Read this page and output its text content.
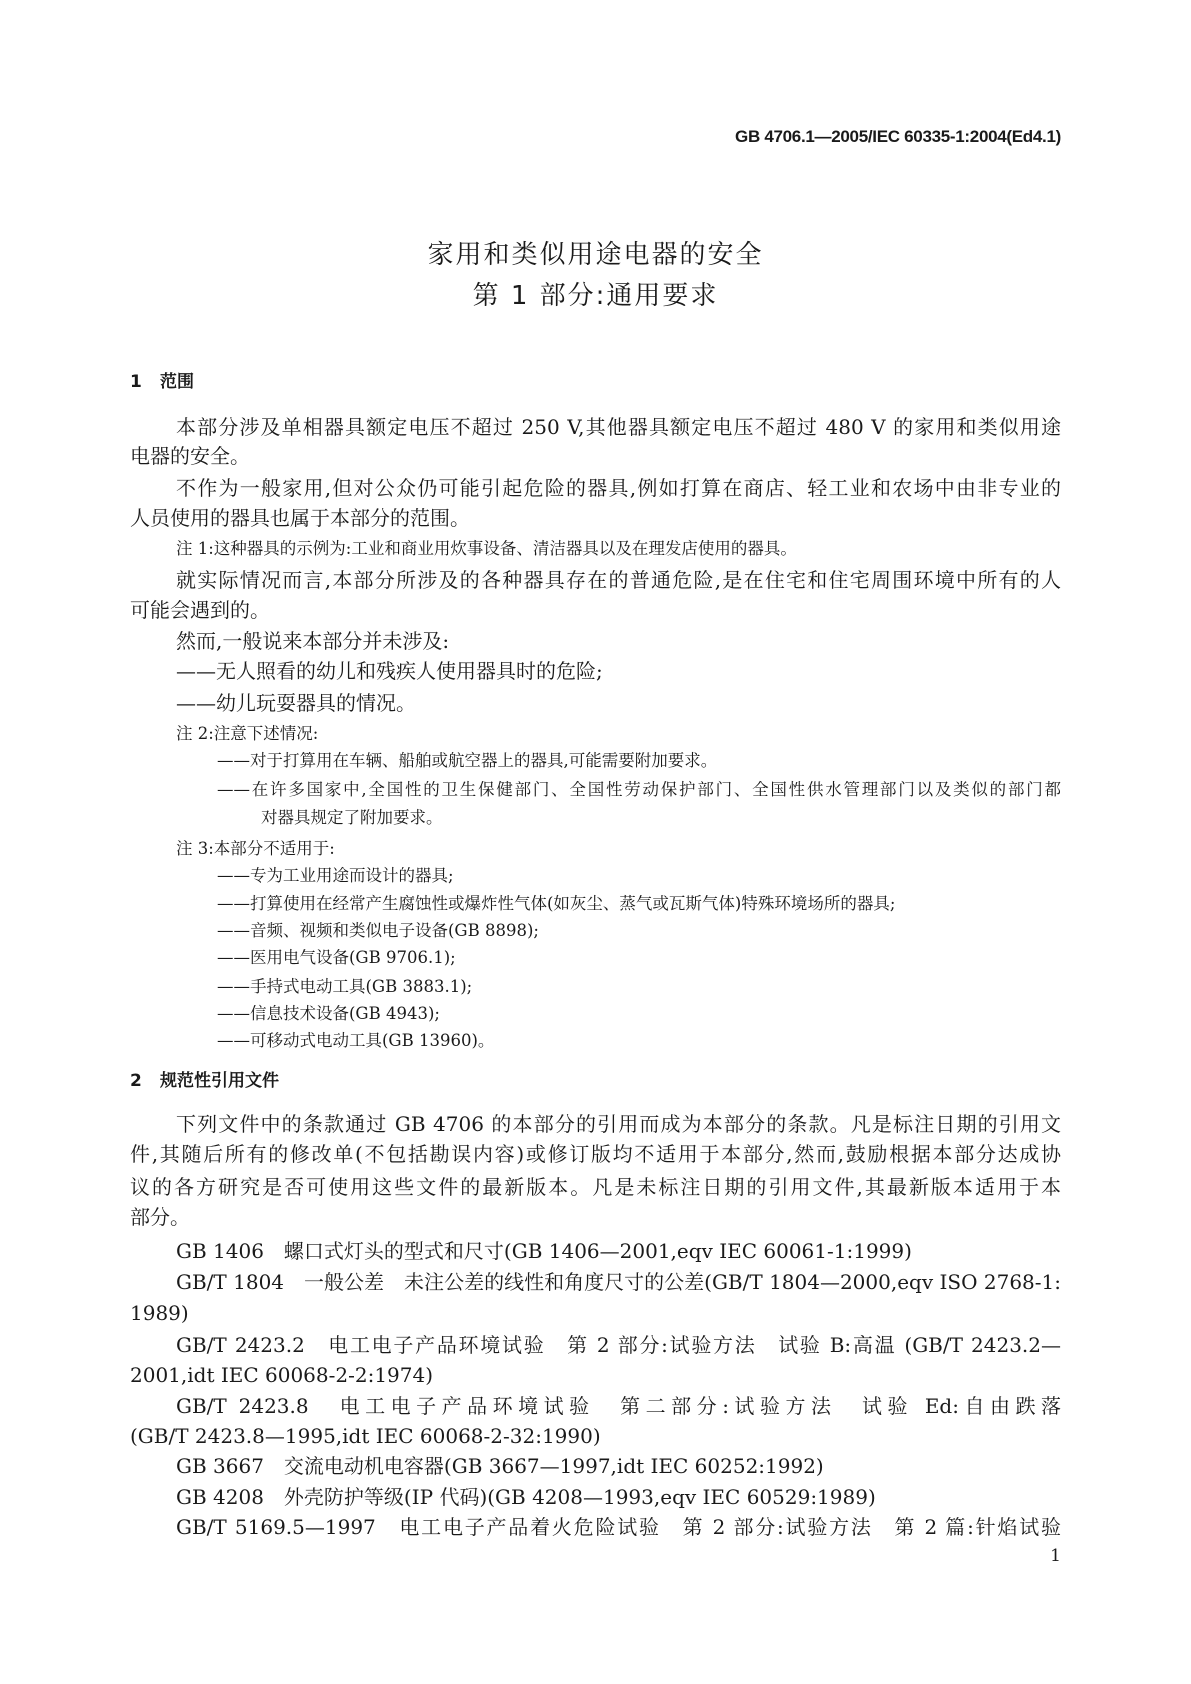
GB 4706.1—2005/IEC 60335-1:2004(Ed4.1)
家用和类似用途电器的安全
第 1 部分:通用要求
1 范围
本部分涉及单相器具额定电压不超过 250 V,其他器具额定电压不超过 480 V 的家用和类似用途
电器的安全。
不作为一般家用,但对公众仍可能引起危险的器具,例如打算在商店、轻工业和农场中由非专业的
人员使用的器具也属于本部分的范围。
注 1:这种器具的示例为:工业和商业用炊事设备、清洁器具以及在理发店使用的器具。
就实际情况而言,本部分所涉及的各种器具存在的普通危险,是在住宅和住宅周围环境中所有的人
可能会遇到的。
然而,一般说来本部分并未涉及:
——无人照看的幼儿和残疾人使用器具时的危险;
——幼儿玩耍器具的情况。
注 2:注意下述情况:
——对于打算用在车辆、船舶或航空器上的器具,可能需要附加要求。
——在许多国家中,全国性的卫生保健部门、全国性劳动保护部门、全国性供水管理部门以及类似的部门都
对器具规定了附加要求。
注 3:本部分不适用于:
——专为工业用途而设计的器具;
——打算使用在经常产生腐蚀性或爆炸性气体(如灰尘、蒸气或瓦斯气体)特殊环境场所的器具;
——音频、视频和类似电子设备(GB 8898);
——医用电气设备(GB 9706.1);
——手持式电动工具(GB 3883.1);
——信息技术设备(GB 4943);
——可移动式电动工具(GB 13960)。
2 规范性引用文件
下列文件中的条款通过 GB 4706 的本部分的引用而成为本部分的条款。凡是标注日期的引用文
件,其随后所有的修改单(不包括勘误内容)或修订版均不适用于本部分,然而,鼓励根据本部分达成协
议的各方研究是否可使用这些文件的最新版本。凡是未标注日期的引用文件,其最新版本适用于本
部分。
GB 1406　螺口式灯头的型式和尺寸(GB 1406—2001,eqv IEC 60061-1:1999)
GB/T 1804　一般公差　未注公差的线性和角度尺寸的公差(GB/T 1804—2000,eqv ISO 2768-1:
1989)
GB/T 2423.2　电工电子产品环境试验　第 2 部分:试验方法　试验 B:高温 (GB/T 2423.2—
2001,idt IEC 60068-2-2:1974)
GB/T 2423.8　电工电子产品环境试验　第二部分:试验方法　试验 Ed:自由跌落
(GB/T 2423.8—1995,idt IEC 60068-2-32:1990)
GB 3667　交流电动机电容器(GB 3667—1997,idt IEC 60252:1992)
GB 4208　外壳防护等级(IP 代码)(GB 4208—1993,eqv IEC 60529:1989)
GB/T 5169.5—1997　电工电子产品着火危险试验　第 2 部分:试验方法　第 2 篇:针焰试验
1
